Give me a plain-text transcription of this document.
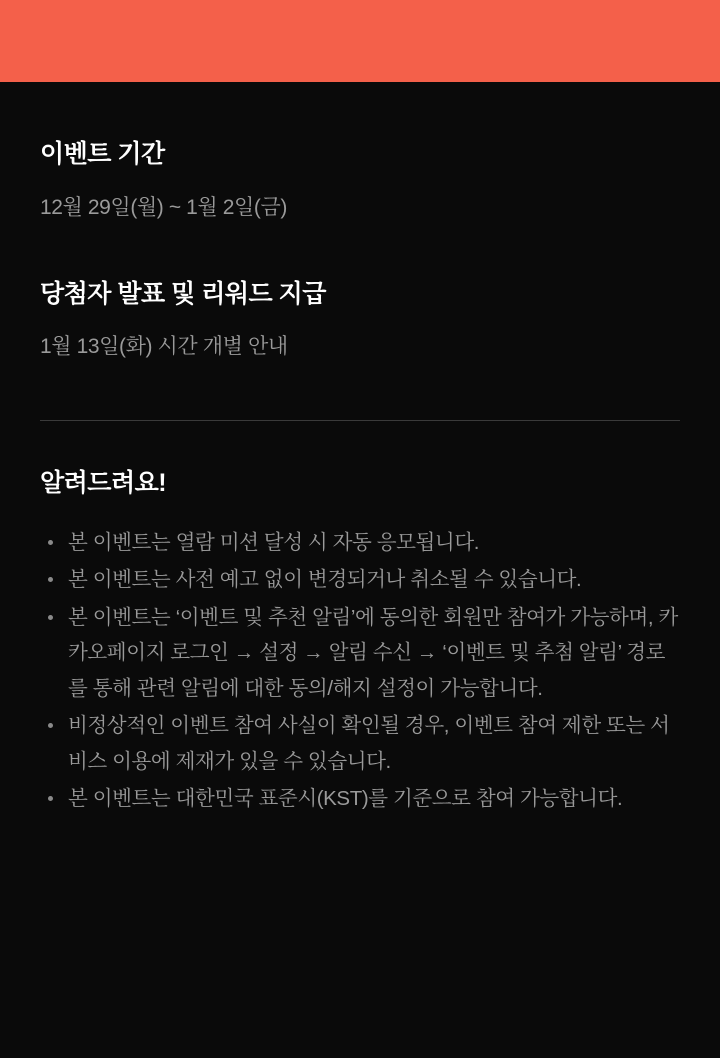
이벤트 기간
12월 29일(월) ~ 1월 2일(금)
당첨자 발표 및 리워드 지급
1월 13일(화) 시간 개별 안내
알려드려요!
본 이벤트는 열람 미션 달성 시 자동 응모됩니다.
본 이벤트는 사전 예고 없이 변경되거나 취소될 수 있습니다.
본 이벤트는 ‘이벤트 및 추천 알림’에 동의한 회원만 참여가 가능하며, 카카오페이지 로그인 → 설정 → 알림 수신 → ‘이벤트 및 추첨 알림’ 경로를 통해 관련 알림에 대한 동의/해지 설정이 가능합니다.
비정상적인 이벤트 참여 사실이 확인될 경우, 이벤트 참여 제한 또는 서비스 이용에 제재가 있을 수 있습니다.
본 이벤트는 대한민국 표준시(KST)를 기준으로 참여 가능합니다.
